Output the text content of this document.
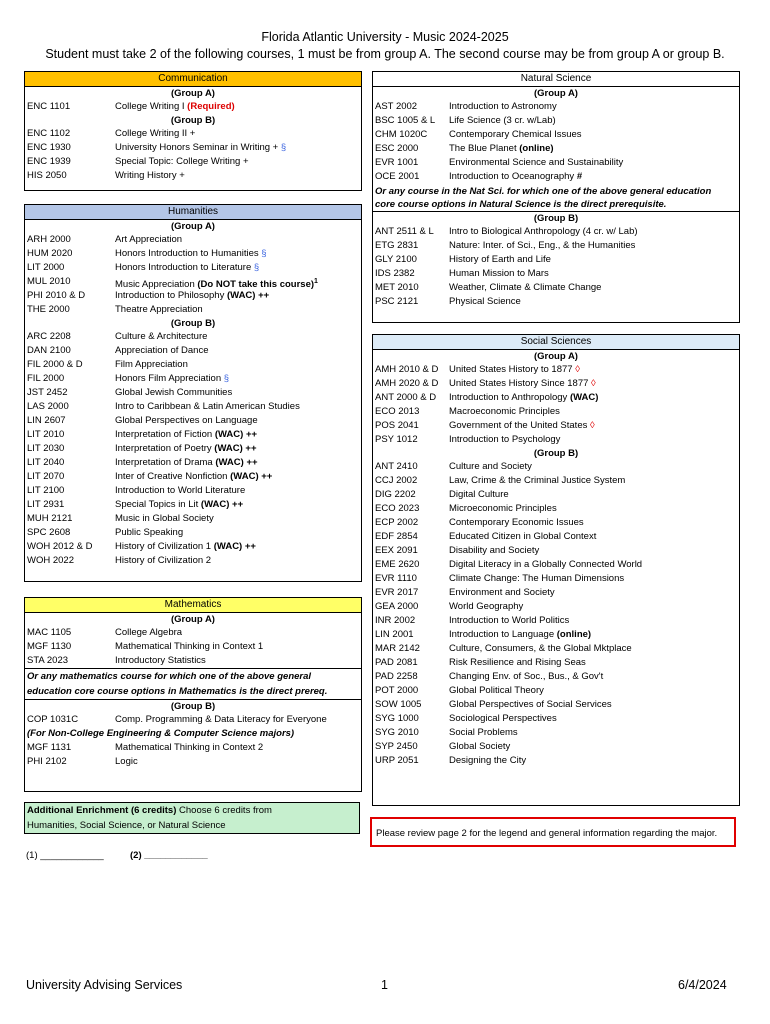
Florida Atlantic University - Music 2024-2025
Student must take 2 of the following courses, 1 must be from group A. The second course may be from group A or group B.
Communication
(Group A)
ENC 1101	College Writing I (Required)
(Group B)
ENC 1102	College Writing II +
ENC 1930	University Honors Seminar in Writing + §
ENC 1939	Special Topic: College Writing +
HIS 2050	Writing History +
Humanities
(Group A)
ARH 2000	Art Appreciation
HUM 2020	Honors Introduction to Humanities §
LIT 2000	Honors Introduction to Literature §
MUL 2010	Music Appreciation (Do NOT take this course)$^1$
PHI 2010 & D	Introduction to Philosophy (WAC) ++
THE 2000	Theatre Appreciation
(Group B)
ARC 2208	Culture & Architecture
DAN 2100	Appreciation of Dance
FIL 2000 & D	Film Appreciation
FIL 2000	Honors Film Appreciation §
JST 2452	Global Jewish Communities
LAS 2000	Intro to Caribbean & Latin American Studies
LIN 2607	Global Perspectives on Language
LIT 2010	Interpretation of Fiction (WAC) ++
LIT 2030	Interpretation of Poetry (WAC) ++
LIT 2040	Interpretation of Drama (WAC) ++
LIT 2070	Inter of Creative Nonfiction (WAC) ++
LIT 2100	Introduction to World Literature
LIT 2931	Special Topics in Lit (WAC) ++
MUH 2121	Music in Global Society
SPC 2608	Public Speaking
WOH 2012 & D History of Civilization 1 (WAC) ++
WOH 2022	History of Civilization 2
Mathematics
(Group A)
MAC 1105	College Algebra
MGF 1130	Mathematical Thinking in Context 1
STA 2023	Introductory Statistics
Or any mathematics course for which one of the above general
education core course options in Mathematics is the direct prereq.
(Group B)
COP 1031C	Comp. Programming & Data Literacy for Everyone
(For Non-College Engineering & Computer Science majors)
MGF 1131	Mathematical Thinking in Context 2
PHI 2102	Logic
Additional Enrichment (6 credits) Choose 6 credits from
Humanities, Social Science, or Natural Science
(1) ____________	(2) ____________
Natural Science
(Group A)
AST 2002	Introduction to Astronomy
BSC 1005 & L Life Science (3 cr. w/Lab)
CHM 1020C Contemporary Chemical Issues
ESC 2000	The Blue Planet (online)
EVR 1001	Environmental Science and Sustainability
OCE 2001	Introduction to Oceanography #
Or any course in the Nat Sci. for which one of the above general education
core course options in Natural Science is the direct prerequisite.
(Group B)
ANT 2511 & L Intro to Biological Anthropology (4 cr. w/ Lab)
ETG 2831	Nature: Inter. of Sci., Eng., & the Humanities
GLY 2100	History of Earth and Life
IDS 2382	Human Mission to Mars
MET 2010	Weather, Climate & Climate Change
PSC 2121	Physical Science
Social Sciences
(Group A)
AMH 2010 & D United States History to 1877 ◊
AMH 2020 & D United States History Since 1877 ◊
ANT 2000 & D Introduction to Anthropology (WAC)
ECO 2013	Macroeconomic Principles
POS 2041	Government of the United States ◊
PSY 1012	Introduction to Psychology
(Group B)
ANT 2410	Culture and Society
CCJ 2002	Law, Crime & the Criminal Justice System
DIG 2202	Digital Culture
ECO 2023	Microeconomic Principles
ECP 2002	Contemporary Economic Issues
EDF 2854	Educated Citizen in Global Context
EEX 2091	Disability and Society
EME 2620	Digital Literacy in a Globally Connected World
EVR 1110	Climate Change: The Human Dimensions
EVR 2017	Environment and Society
GEA 2000	World Geography
INR 2002	Introduction to World Politics
LIN 2001	Introduction to Language (online)
MAR 2142	Culture, Consumers, & the Global Mktplace
PAD 2081	Risk Resilience and Rising Seas
PAD 2258	Changing Env. of Soc., Bus., & Gov't
POT 2000	Global Political Theory
SOW 1005	Global Perspectives of Social Services
SYG 1000	Sociological Perspectives
SYG 2010	Social Problems
SYP 2450	Global Society
URP 2051	Designing the City
Please review page 2 for the legend and general information regarding the major.
University Advising Services	1	6/4/2024
